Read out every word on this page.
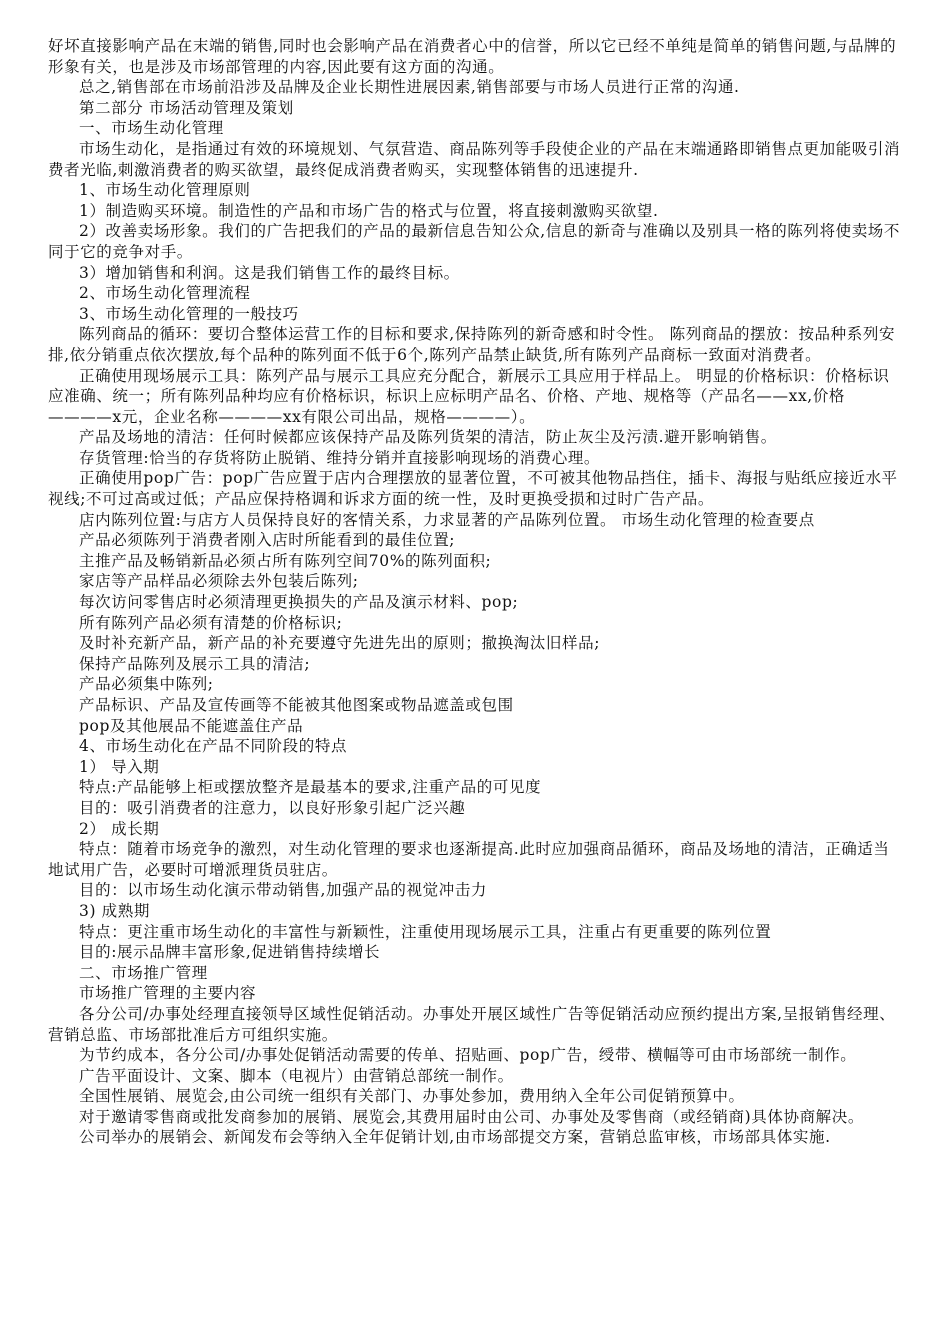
好坏直接影响产品在末端的销售,同时也会影响产品在消费者心中的信誉，所以它已经不单纯是简单的销售问题,与品牌的形象有关，也是涉及市场部管理的内容,因此要有这方面的沟通。

总之,销售部在市场前沿涉及品牌及企业长期性进展因素,销售部要与市场人员进行正常的沟通.

第二部分 市场活动管理及策划

一、市场生动化管理

市场生动化，是指通过有效的环境规划、气氛营造、商品陈列等手段使企业的产品在末端通路即销售点更加能吸引消费者光临,刺激消费者的购买欲望，最终促成消费者购买，实现整体销售的迅速提升.

1、市场生动化管理原则

1）制造购买环境。制造性的产品和市场广告的格式与位置，将直接刺激购买欲望.

2）改善卖场形象。我们的广告把我们的产品的最新信息告知公众,信息的新奇与准确以及别具一格的陈列将使卖场不同于它的竞争对手。

3）增加销售和利润。这是我们销售工作的最终目标。

2、市场生动化管理流程

3、市场生动化管理的一般技巧

陈列商品的循环：要切合整体运营工作的目标和要求,保持陈列的新奇感和时令性。 陈列商品的摆放：按品种系列安排,依分销重点依次摆放,每个品种的陈列面不低于6个,陈列产品禁止缺货,所有陈列产品商标一致面对消费者。

正确使用现场展示工具：陈列产品与展示工具应充分配合，新展示工具应用于样品上。 明显的价格标识：价格标识应准确、统一；所有陈列品种均应有价格标识，标识上应标明产品名、价格、产地、规格等（产品名——xx,价格————x元，企业名称————xx有限公司出品，规格————）。

产品及场地的清洁：任何时候都应该保持产品及陈列货架的清洁，防止灰尘及污渍.避开影响销售。

存货管理:恰当的存货将防止脱销、维持分销并直接影响现场的消费心理。

正确使用pop广告：pop广告应置于店内合理摆放的显著位置，不可被其他物品挡住，插卡、海报与贴纸应接近水平视线;不可过高或过低；产品应保持格调和诉求方面的统一性，及时更换受损和过时广告产品。

店内陈列位置:与店方人员保持良好的客情关系，力求显著的产品陈列位置。 市场生动化管理的检查要点

产品必须陈列于消费者刚入店时所能看到的最佳位置;

主推产品及畅销新品必须占所有陈列空间70%的陈列面积;

家店等产品样品必须除去外包装后陈列;

每次访问零售店时必须清理更换损失的产品及演示材料、pop;

所有陈列产品必须有清楚的价格标识;

及时补充新产品，新产品的补充要遵守先进先出的原则；撤换淘汰旧样品;

保持产品陈列及展示工具的清洁;

产品必须集中陈列;

产品标识、产品及宣传画等不能被其他图案或物品遮盖或包围

pop及其他展品不能遮盖住产品

4、市场生动化在产品不同阶段的特点

1） 导入期

特点:产品能够上柜或摆放整齐是最基本的要求,注重产品的可见度

目的：吸引消费者的注意力，以良好形象引起广泛兴趣

2） 成长期

特点：随着市场竞争的激烈，对生动化管理的要求也逐渐提高.此时应加强商品循环，商品及场地的清洁，正确适当地试用广告，必要时可增派理货员驻店。

目的：以市场生动化演示带动销售,加强产品的视觉冲击力

3) 成熟期

特点：更注重市场生动化的丰富性与新颖性，注重使用现场展示工具，注重占有更重要的陈列位置

目的:展示品牌丰富形象,促进销售持续增长

二、市场推广管理

市场推广管理的主要内容

各分公司/办事处经理直接领导区域性促销活动。办事处开展区域性广告等促销活动应预约提出方案,呈报销售经理、营销总监、市场部批准后方可组织实施。

为节约成本，各分公司/办事处促销活动需要的传单、招贴画、pop广告，绶带、横幅等可由市场部统一制作。

广告平面设计、文案、脚本（电视片）由营销总部统一制作。

全国性展销、展览会,由公司统一组织有关部门、办事处参加，费用纳入全年公司促销预算中。

对于邀请零售商或批发商参加的展销、展览会,其费用届时由公司、办事处及零售商（或经销商)具体协商解决。

公司举办的展销会、新闻发布会等纳入全年促销计划,由市场部提交方案，营销总监审核，市场部具体实施.
